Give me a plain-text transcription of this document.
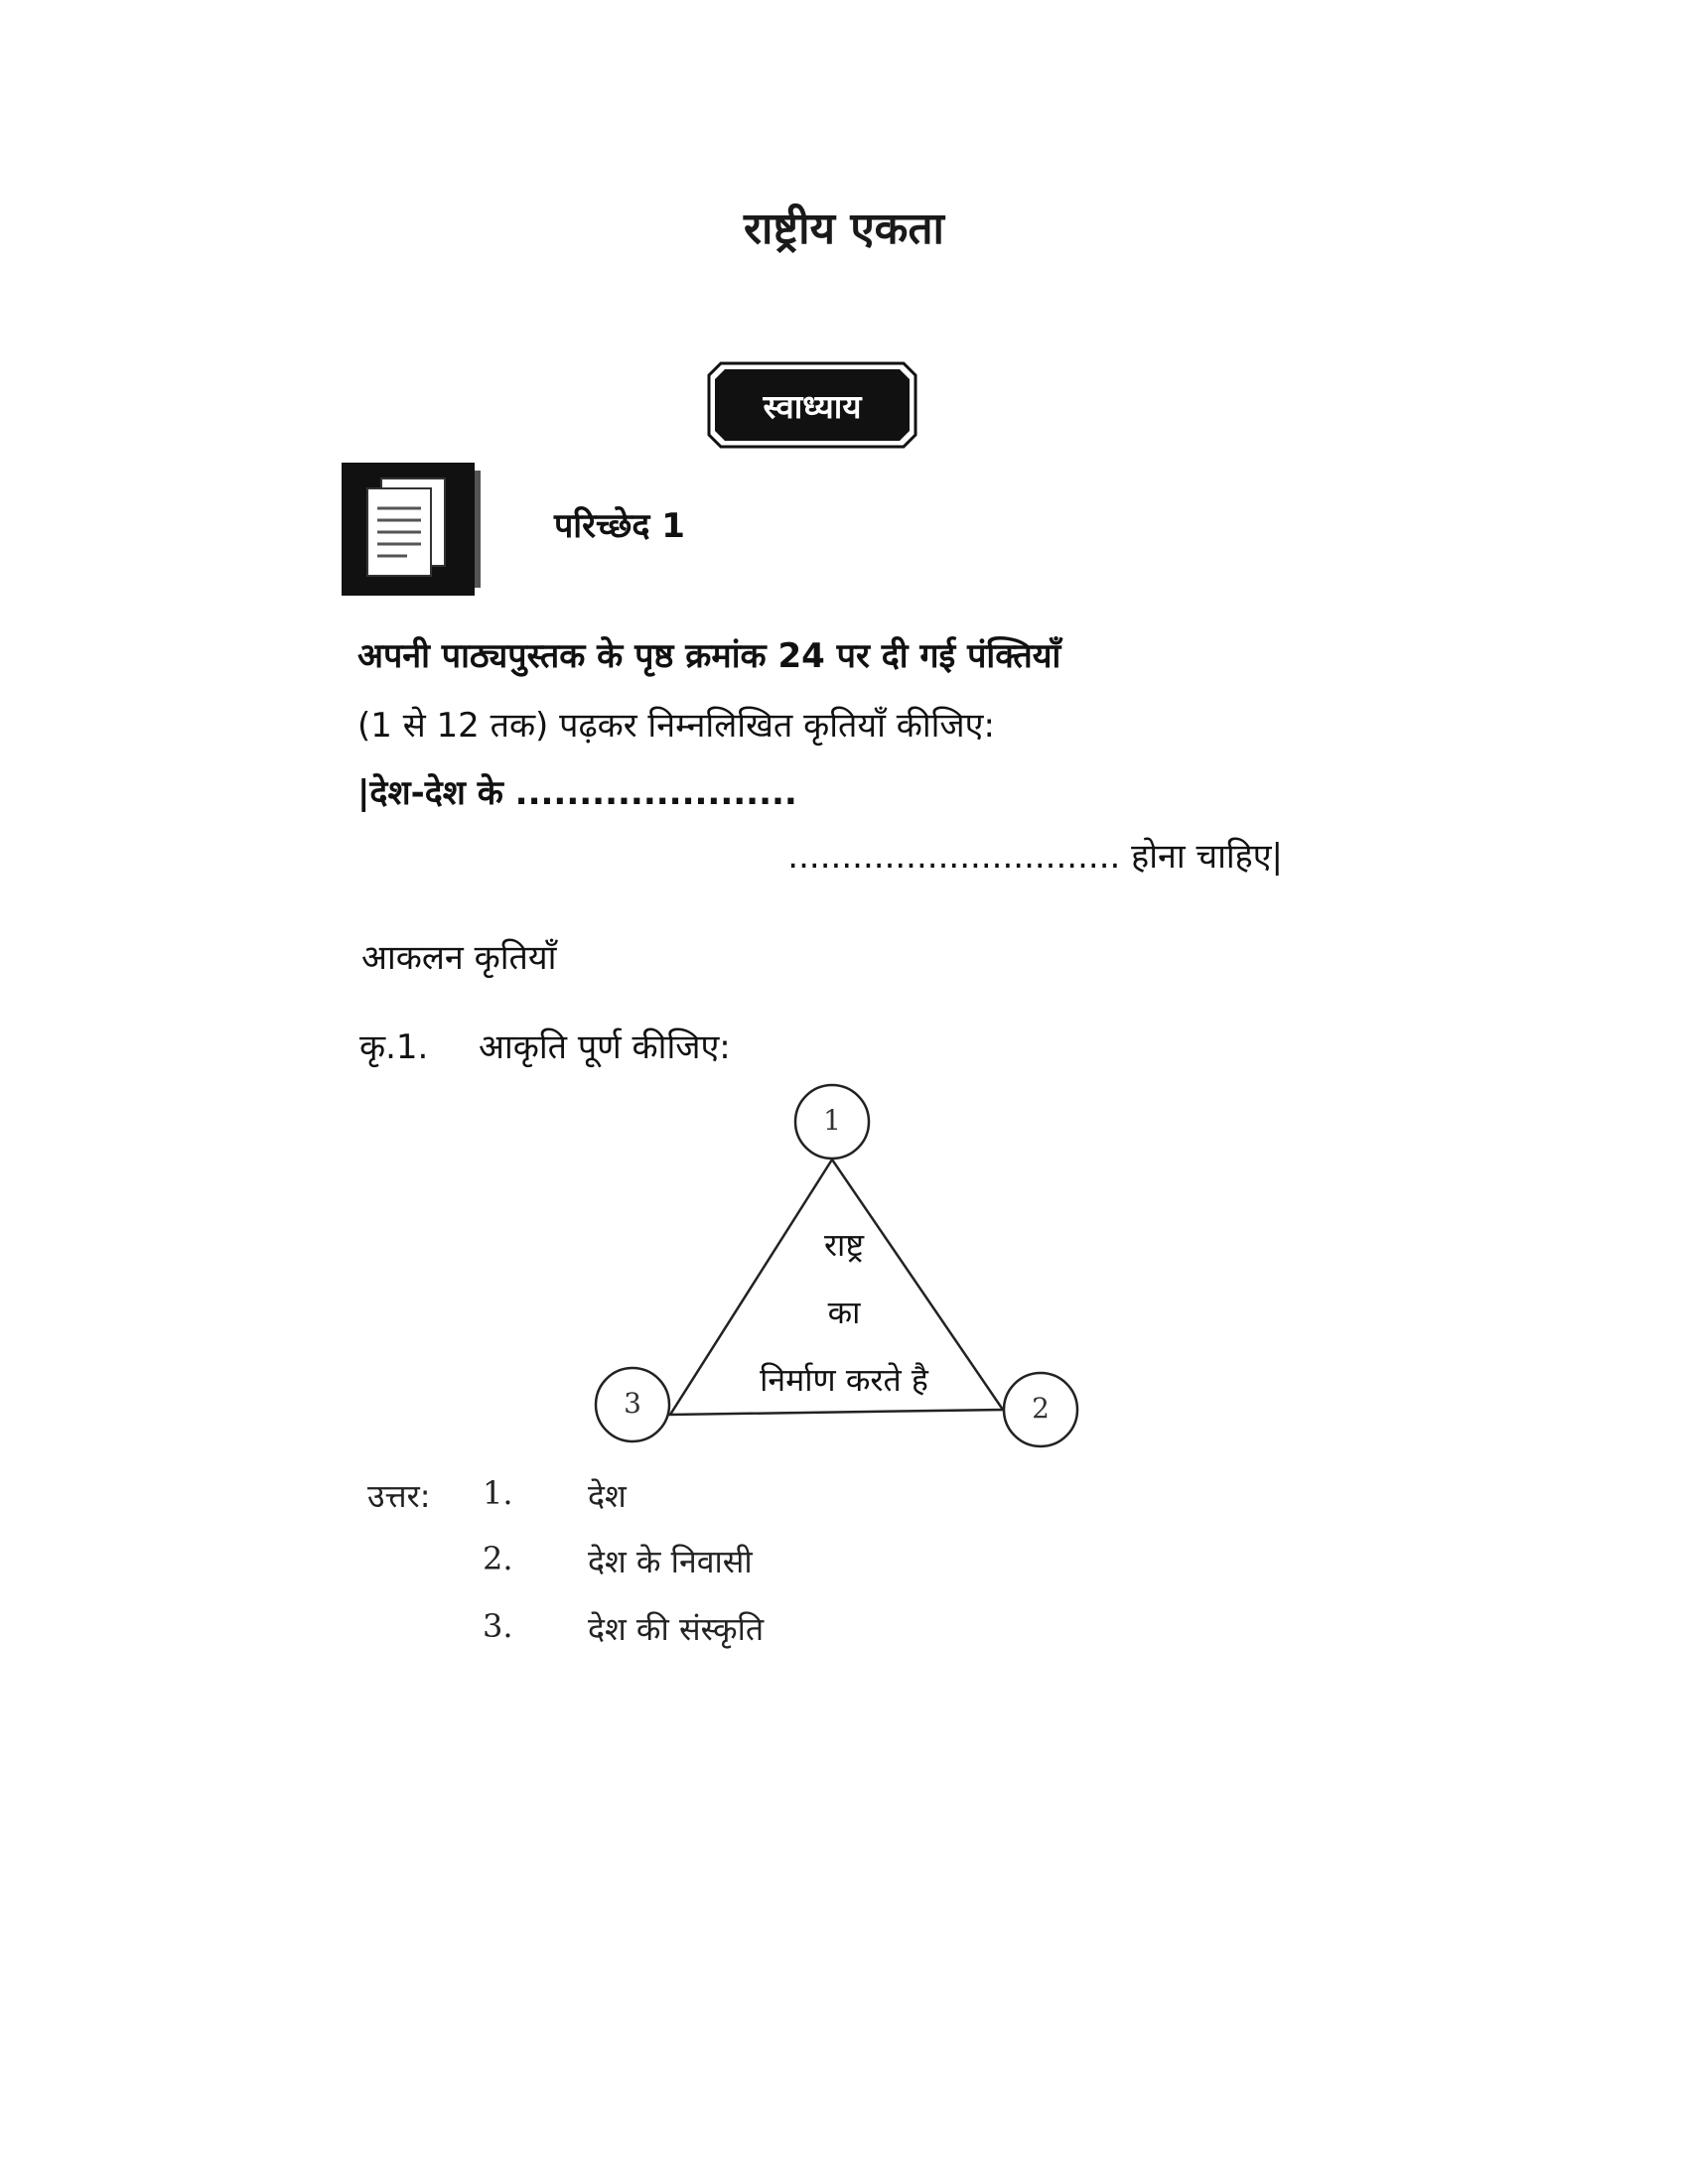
राष्ट्रीय एकता
स्वाध्याय
परिच्छेद 1
अपनी पाठ्यपुस्तक के पृष्ठ क्रमांक 24 पर दी गई पंक्तियाँ
(1 से 12 तक) पढ़कर निम्नलिखित कृतियाँ कीजिए:
|देश-देश के ......................
............................... होना चाहिए|
आकलन कृतियाँ
कृ.1. आकृति पूर्ण कीजिए:
1
2
3
राष्ट्र
का
निर्माण करते है
उत्तर: 1. देश
2. देश के निवासी
3. देश की संस्कृति
